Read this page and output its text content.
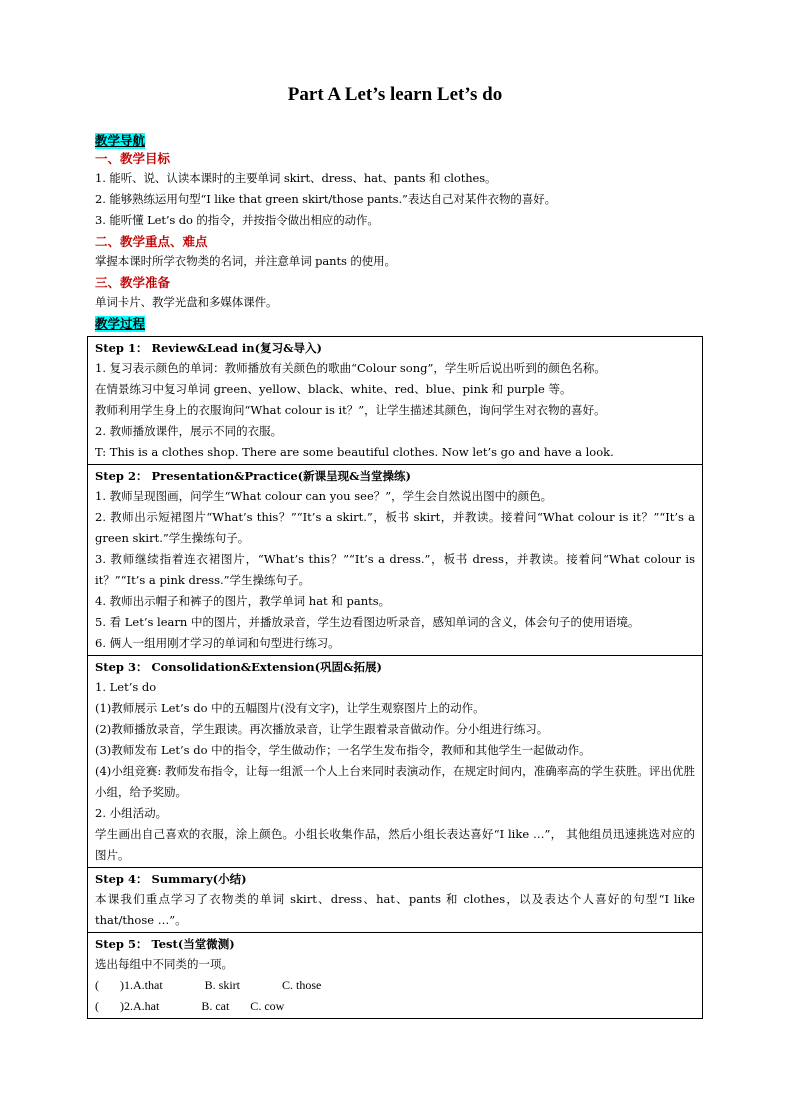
Part A Let’s learn Let’s do
教学导航
一、教学目标
1. 能听、说、认读本课时的主要单词 skirt、dress、hat、pants 和 clothes。
2. 能够熟练运用句型“I like that green skirt/those pants.”表达自己对某件衣物的喜好。
3. 能听懂 Let’s do 的指令，并按指令做出相应的动作。
二、教学重点、难点
掌握本课时所学衣物类的名词，并注意单词 pants 的使用。
三、教学准备
单词卡片、教学光盘和多媒体课件。
教学过程
Step 1： Review&Lead in(复习&导入)
1. 复习表示颜色的单词：教师播放有关颜色的歌曲“Colour song”，学生听后说出听到的颜色名称。
在情景练习中复习单词 green、yellow、black、white、red、blue、pink 和 purple 等。
教师利用学生身上的衣服询问“What colour is it？”，让学生描述其颜色，询问学生对衣物的喜好。
2. 教师播放课件，展示不同的衣服。
T: This is a clothes shop. There are some beautiful clothes. Now let’s go and have a look.

Step 2： Presentation&Practice(新课呈现&当堂操练)
1. 教师呈现图画，问学生“What colour can you see？”，学生会自然说出图中的颜色。
2. 教师出示短裙图片“What’s this？”“It’s a skirt.”，板书 skirt，并教读。接着问“What colour is it？”“It’s a green skirt.”学生操练句子。
3. 教师继续指着连衣裙图片，“What’s this？”“It’s a dress.”，板书 dress，并教读。接着问“What colour is it？”“It’s a pink dress.”学生操练句子。
4. 教师出示帽子和裤子的图片，教学单词 hat 和 pants。
5. 看 Let’s learn 中的图片，并播放录音，学生边看图边听录音，感知单词的含义，体会句子的使用语境。
6. 俩人一组用刚才学习的单词和句型进行练习。

Step 3： Consolidation&Extension(巩固&拓展)
1. Let’s do
(1)教师展示 Let’s do 中的五幅图片(没有文字)，让学生观察图片上的动作。
(2)教师播放录音，学生跟读。再次播放录音，让学生跟着录音做动作。分小组进行练习。
(3)教师发布 Let’s do 中的指令，学生做动作；一名学生发布指令，教师和其他学生一起做动作。
(4)小组竞赛: 教师发布指令，让每一组派一个人上台来同时表演动作，在规定时间内，准确率高的学生获胜。评出优胜小组，给予奖励。
2. 小组活动。
学生画出自己喜欢的衣服，涂上颜色。小组长收集作品，然后小组长表达喜好“I like …”， 其他组员迅速挑选对应的图片。

Step 4： Summary(小结)
本课我们重点学习了衣物类的单词 skirt、dress、hat、pants 和 clothes，以及表达个人喜好的句型“I like that/those …”。

Step 5： Test(当堂微测)
选出每组中不同类的一项。
(       )1.A.that              B. skirt              C. those
(       )2.A.hat              B. cat       C. cow
